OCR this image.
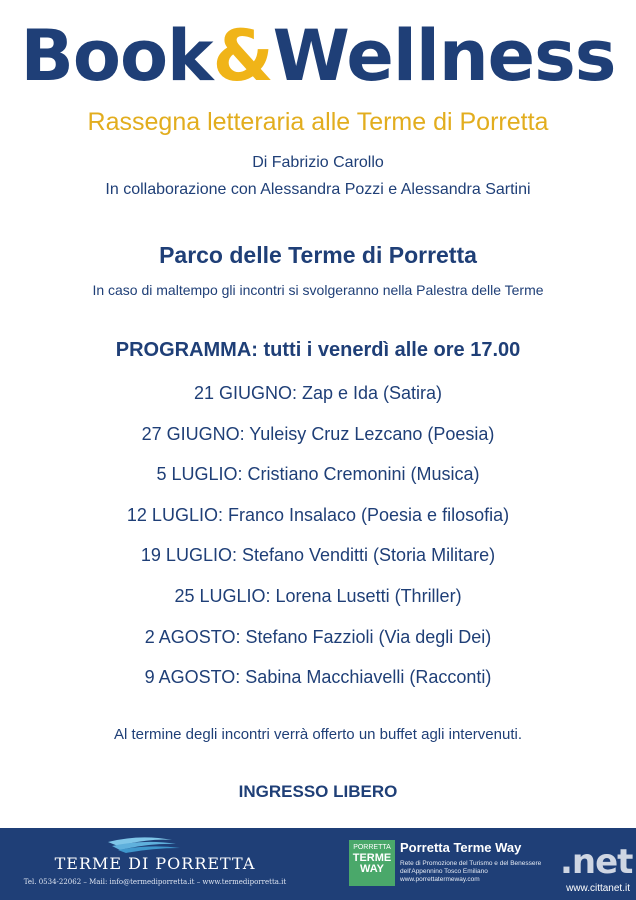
Book&Wellness
Rassegna letteraria alle Terme di Porretta
Di Fabrizio Carollo
In collaborazione con Alessandra Pozzi e Alessandra Sartini
Parco delle Terme di Porretta
In caso di maltempo gli incontri si svolgeranno nella Palestra delle Terme
PROGRAMMA: tutti i venerdì alle ore 17.00
21 GIUGNO: Zap e Ida (Satira)
27 GIUGNO: Yuleisy Cruz Lezcano (Poesia)
5 LUGLIO: Cristiano Cremonini (Musica)
12 LUGLIO: Franco Insalaco (Poesia e filosofia)
19 LUGLIO: Stefano Venditti (Storia Militare)
25 LUGLIO: Lorena Lusetti (Thriller)
2 AGOSTO: Stefano Fazzioli (Via degli Dei)
9 AGOSTO: Sabina Macchiavelli (Racconti)
Al termine degli incontri verrà offerto un buffet agli intervenuti.
INGRESSO LIBERO
TERME DI PORRETTA
Tel. 0534-22062 – Mail: info@termediporretta.it – www.termediporretta.it
PORRETTA
TERME
WAY
Porretta Terme Way
Rete di Promozione del Turismo e del Benessere
dell'Appennino Tosco Emiliano
www.porrettatermeway.com	.net
www.cittanet.it
